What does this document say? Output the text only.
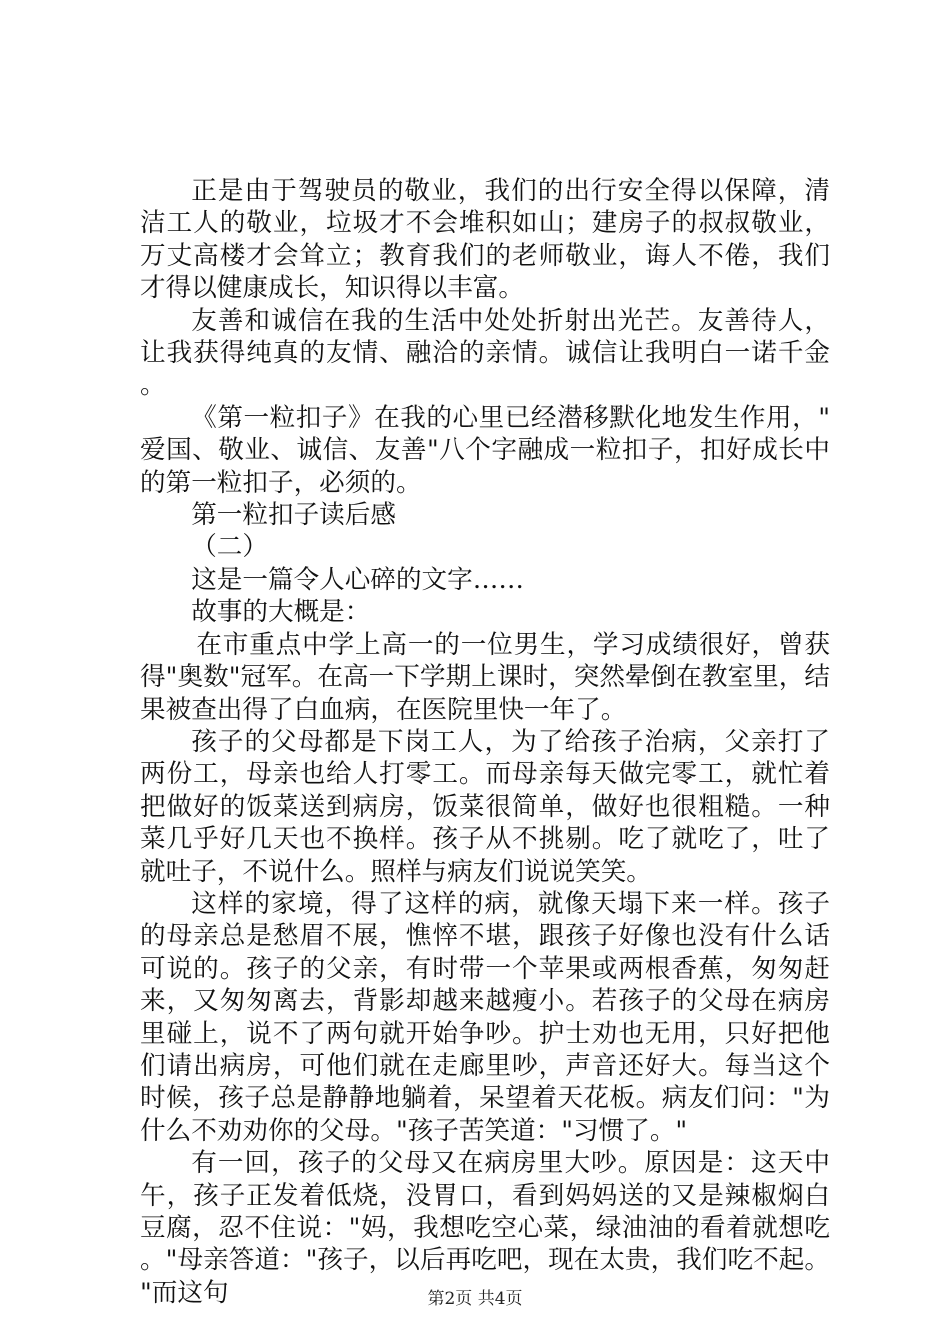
正是由于驾驶员的敬业，我们的出行安全得以保障，清洁工人的敬业，垃圾才不会堆积如山；建房子的叔叔敬业，万丈高楼才会耸立；教育我们的老师敬业，诲人不倦，我们才得以健康成长，知识得以丰富。

友善和诚信在我的生活中处处折射出光芒。友善待人，让我获得纯真的友情、融洽的亲情。诚信让我明白一诺千金。

《第一粒扣子》在我的心里已经潜移默化地发生作用，"爱国、敬业、诚信、友善"八个字融成一粒扣子，扣好成长中的第一粒扣子，必须的。

第一粒扣子读后感

（二）

这是一篇令人心碎的文字……

故事的大概是：

在市重点中学上高一的一位男生，学习成绩很好，曾获得"奥数"冠军。在高一下学期上课时，突然晕倒在教室里，结果被查出得了白血病，在医院里快一年了。

孩子的父母都是下岗工人，为了给孩子治病，父亲打了两份工，母亲也给人打零工。而母亲每天做完零工，就忙着把做好的饭菜送到病房，饭菜很简单，做好也很粗糙。一种菜几乎好几天也不换样。孩子从不挑剔。吃了就吃了，吐了就吐子，不说什么。照样与病友们说说笑笑。

这样的家境，得了这样的病，就像天塌下来一样。孩子的母亲总是愁眉不展，憔悴不堪，跟孩子好像也没有什么话可说的。孩子的父亲，有时带一个苹果或两根香蕉，匆匆赶来，又匆匆离去，背影却越来越瘦小。若孩子的父母在病房里碰上，说不了两句就开始争吵。护士劝也无用，只好把他们请出病房，可他们就在走廊里吵，声音还好大。每当这个时候，孩子总是静静地躺着，呆望着天花板。病友们问："为什么不劝劝你的父母。"孩子苦笑道："习惯了。"

有一回，孩子的父母又在病房里大吵。原因是：这天中午，孩子正发着低烧，没胃口，看到妈妈送的又是辣椒焖白豆腐，忍不住说："妈，我想吃空心菜，绿油油的看着就想吃。"母亲答道："孩子，以后再吃吧，现在太贵，我们吃不起。"而这句	第2页 共4页
